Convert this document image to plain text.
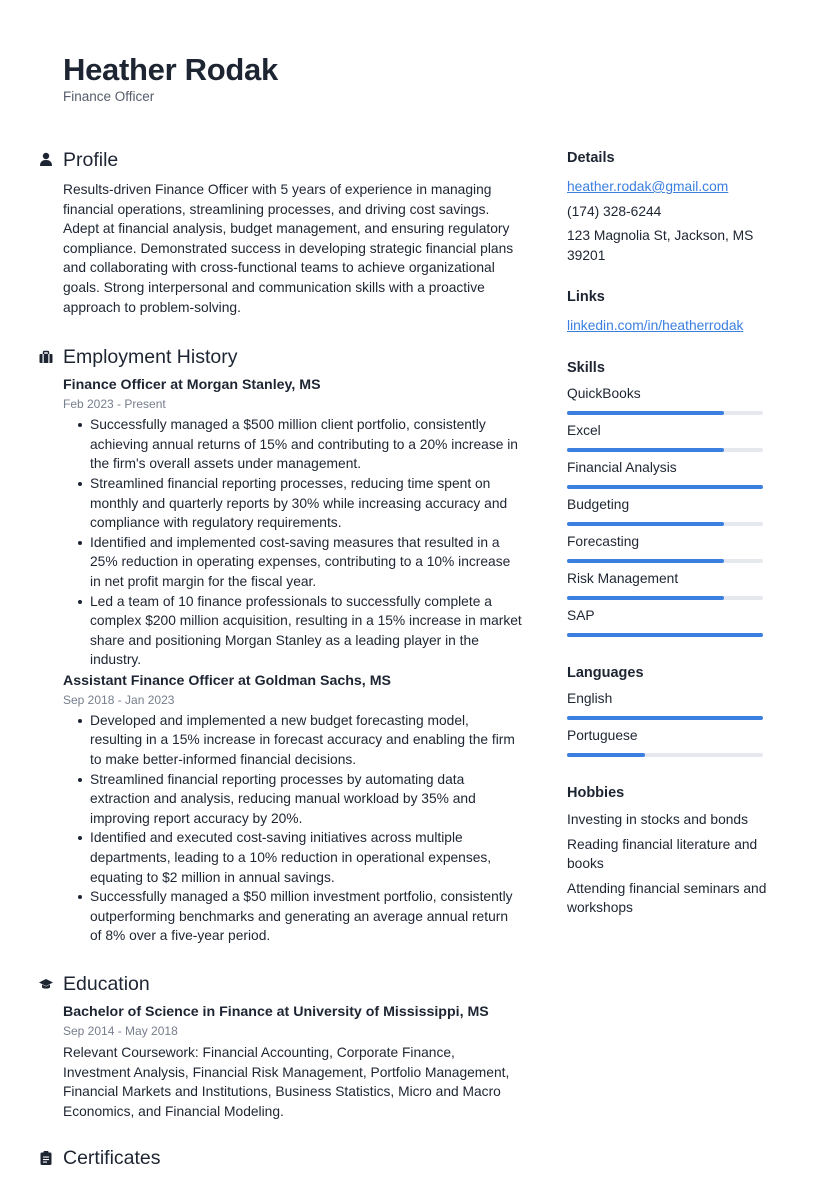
Heather Rodak
Finance Officer
Profile
Results-driven Finance Officer with 5 years of experience in managing financial operations, streamlining processes, and driving cost savings. Adept at financial analysis, budget management, and ensuring regulatory compliance. Demonstrated success in developing strategic financial plans and collaborating with cross-functional teams to achieve organizational goals. Strong interpersonal and communication skills with a proactive approach to problem-solving.
Employment History
Finance Officer at Morgan Stanley, MS
Feb 2023 - Present
Successfully managed a $500 million client portfolio, consistently achieving annual returns of 15% and contributing to a 20% increase in the firm's overall assets under management.
Streamlined financial reporting processes, reducing time spent on monthly and quarterly reports by 30% while increasing accuracy and compliance with regulatory requirements.
Identified and implemented cost-saving measures that resulted in a 25% reduction in operating expenses, contributing to a 10% increase in net profit margin for the fiscal year.
Led a team of 10 finance professionals to successfully complete a complex $200 million acquisition, resulting in a 15% increase in market share and positioning Morgan Stanley as a leading player in the industry.
Assistant Finance Officer at Goldman Sachs, MS
Sep 2018 - Jan 2023
Developed and implemented a new budget forecasting model, resulting in a 15% increase in forecast accuracy and enabling the firm to make better-informed financial decisions.
Streamlined financial reporting processes by automating data extraction and analysis, reducing manual workload by 35% and improving report accuracy by 20%.
Identified and executed cost-saving initiatives across multiple departments, leading to a 10% reduction in operational expenses, equating to $2 million in annual savings.
Successfully managed a $50 million investment portfolio, consistently outperforming benchmarks and generating an average annual return of 8% over a five-year period.
Education
Bachelor of Science in Finance at University of Mississippi, MS
Sep 2014 - May 2018
Relevant Coursework: Financial Accounting, Corporate Finance, Investment Analysis, Financial Risk Management, Portfolio Management, Financial Markets and Institutions, Business Statistics, Micro and Macro Economics, and Financial Modeling.
Certificates
Details
heather.rodak@gmail.com
(174) 328-6244
123 Magnolia St, Jackson, MS 39201
Links
linkedin.com/in/heatherrodak
Skills
QuickBooks
Excel
Financial Analysis
Budgeting
Forecasting
Risk Management
SAP
Languages
English
Portuguese
Hobbies
Investing in stocks and bonds
Reading financial literature and books
Attending financial seminars and workshops
